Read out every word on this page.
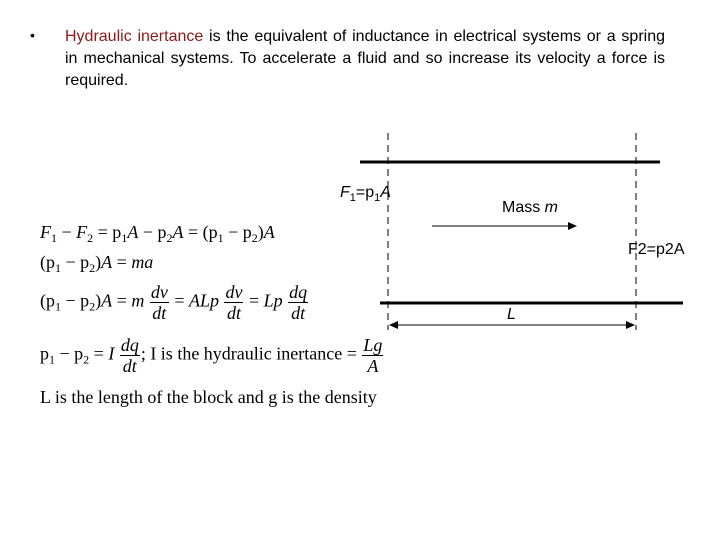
• Hydraulic inertance is the equivalent of inductance in electrical systems or a spring in mechanical systems. To accelerate a fluid and so increase its velocity a force is required.
$F_1 - F_2 = p_1A - p_2A = (p_1 - p_2)A$
$(p_1 - p_2)A$ = ma
$(p_1 - p_2)A = m \frac{dv}{dt}$ = ALp $\frac{dv}{dt} = Lp \frac{dq}{dt}$
$p_1 - p_2 = I \frac{dq}{dt}$ ; I is the hydraulic inertance = $\frac{Lg}{A}$
L is the length of the block and g is the density
$F_1=p_1A$
Mass m
F2=p2A
L
